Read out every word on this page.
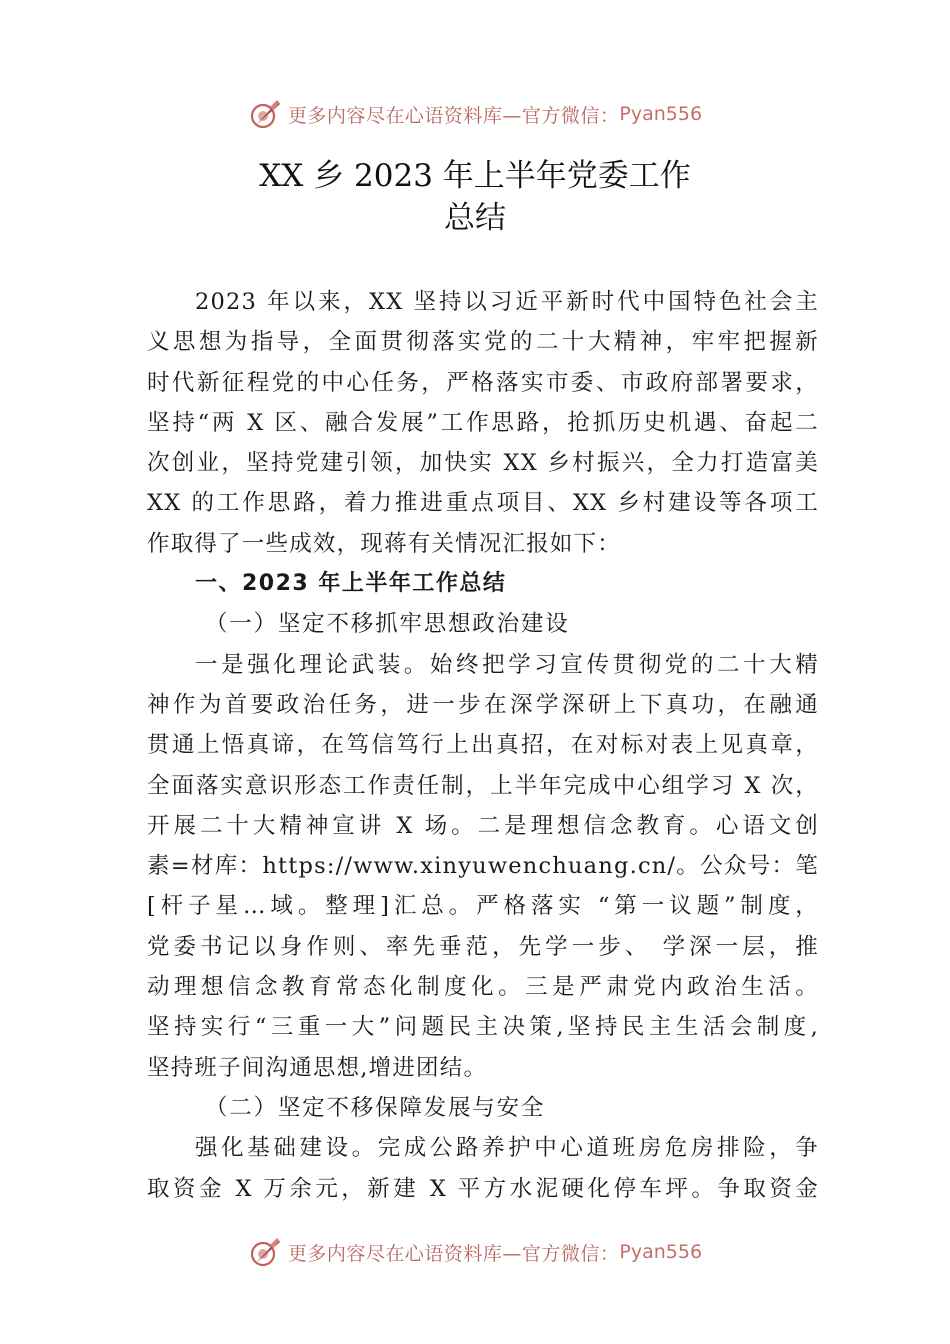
更多内容尽在心语资料库—官方微信： Pyan556
XX 乡 2023 年上半年党委工作
总结
2023 年以来，XX 坚持以习近平新时代中国特色社会主
义思想为指导，全面贯彻落实党的二十大精神，牢牢把握新
时代新征程党的中心任务，严格落实市委、市政府部署要求，
坚持“两 X 区、融合发展”工作思路，抢抓历史机遇、奋起二
次创业，坚持党建引领，加快实 XX 乡村振兴，全力打造富美
XX 的工作思路，着力推进重点项目、XX 乡村建设等各项工
作取得了一些成效，现蒋有关情况汇报如下：
一、2023 年上半年工作总结
（一）坚定不移抓牢思想政治建设
一是强化理论武装。始终把学习宣传贯彻党的二十大精
神作为首要政治任务，进一步在深学深研上下真功，在融通
贯通上悟真谛，在笃信笃行上出真招，在对标对表上见真章，
全面落实意识形态工作责任制，上半年完成中心组学习 X 次，
开展二十大精神宣讲 X 场。二是理想信念教育。心语文创
素=材库：https://www.xinyuwenchuang.cn/。公众号：笔
[杆子星…域。整理]汇总。严格落实 “第一议题”制度，
党委书记以身作则、率先垂范，先学一步、 学深一层，推
动理想信念教育常态化制度化。三是严肃党内政治生活。
坚持实行“三重一大”问题民主决策,坚持民主生活会制度,
坚持班子间沟通思想,增进团结。
（二）坚定不移保障发展与安全
强化基础建设。完成公路养护中心道班房危房排险，争
取资金 X 万余元，新建 X 平方水泥硬化停车坪。争取资金
更多内容尽在心语资料库—官方微信： Pyan556
